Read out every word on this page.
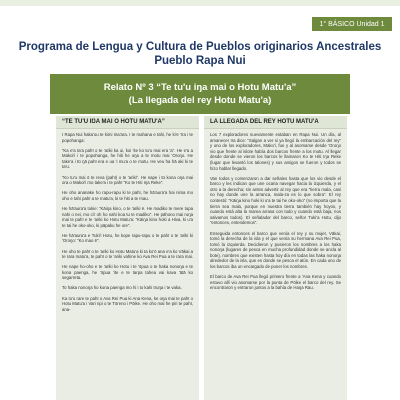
1° BÁSICO Unidad 1
Programa de Lengua y Cultura de Pueblos originarios Ancestrales
Pueblo Rapa Nui
Relato Nº 3 “Te tu'u iŋa mai o Hotu Matu'a”
(La llegada del rey Hotu Matu'a)
“TE TU'U IŊA MAI O HOTU MATU'A”

I Rapa Nui haka'ou te kimi ma'ara. I te mahana e tahi, he ki'e 'Ira i te popohanga:

“Ka e'a ta'a pahī o te 'ariki ka ui, koi 'ite ko tu'u mai era 'a”. He e'a a Makoi'i i te popohanga, he hiti he oŋa a te motu mai 'Oroŋo. He take'a i tū ŋā pahī era e ua 'i mu'a o te motu. He veu ha hā aki ki te ta'u.

“Ko tu'u mai ō te reva (pahī) o te 'ariki”. He nape i tū kona oŋa mai ora o Makoi'i mo take'a i te pahī “Ko te Hiti Iŋa Reke”.

He oho ananake ho rapu-rapu ki te pahī, he hā'aura'a hai nima mo oho e tahi pahī a te matu'a, ki te hiti a te mau.

He hā'aura'a tokie: “Kāiŋa kino, o te 'ariki ē. He madiko te mere tupa nahi o nei, mo ci'i oh ho nahi koa tu te madiko”. He pāhono mai ruŋa mai te pahī e te 'ariki ko Hotu Matu'a: “Kāiŋa kino hoki a Hiva, ki u'a te tai he oko-oko, ki pāpaku he ore”.

He hā'aura'a e Tuki'i Hotu, he kope rapu-rapu o te pahī o te 'ariki ki 'Oroŋo: “Ko mao ē”.

He oho te pahī o te 'ariki ko Hotu Matu'a ki ta ko'ō ana e'a ko Vākai a te rara matu'a, te pahī o te 'ariki vahine ko Ava Rei Pua a te rara mai.

He nape ho-oho e te 'ariki ko Hotu i te 'ōpua o te haka nonoŋa e te kona paenga, he 'ōpua 'ite e te tarpa tahea vai kava 'ātā ko segarreta.

To haka nonoŋa ho kona paenga mo hi i to kahi truŋa i te vaka.

Ka to'u rare te pahī o Ava Rei Pua ki Ana Kena, ke oŋa mai te pahī o Hotu Matu'a i Vari npi o te Tōreno i Pōike. He oho mai he piri te pahī, ana-

LA LLEGADA DEL REY HOTU MATU'A

Los 7 exploradores nuevamente estaban en Rapa Nui. Un día, al amanecer Ira dice: “Salgan a ver si ya llegó la embarcación del rey” y uno de los exploradores, Mako'i, fue y al asomarse desde 'Oroŋo vio que frente al islote había dos barcos frente a los motu. Al llegar desde donde se vieron los barcos le llamaron Ko te Hiti Iŋa Reke (lugar que levantó los talones) y sus amigos se fueron y todos se hizo hablar llegado.

Van todos y comenzaron a dar señales hasta que los vio desde el barco y les indican que une ocaria navegar hacia la izquierda, y el otro a la derecha; sin antes advertir al rey que era “tierra mala, casi no hay donde une la arranca, mala-za es lo que sobra”. El rey contestó: “Kāiŋa kino hoki ki u'a te tai he oko-oko” (no importa que la tierra sea mala, porque en nuestra tierra también hay hoyos, y cuando está alta la marea arrasa con todo y cuando está baja, nos salvamos todos). El señalador del barco, señor Tuki'a Hotu, dijo “entonces, entendemos”.

Enseguida entonces el barco que venía el rey y su mujer, Vākai, tomó la derecha de la isla y el que venía su hermana Ava Rei Pua, tomó la izquierda. Decidieron y pusieron los nombres a los haka nonoŋa (lugares de pesca en mucha profundidad donde se ancla al bote), nombres que existen hasta hoy día en todas las haka nonoŋa alrededor de la isla, que es donde se pesca el atún. En cada uno de los barcos iba un encargado de poner los nombres.

El barco de Ava Rei Pua llegó primero frente a 'Ana Kena y cuando estuvo allí vio asomarse por la punta de Pōike el barco del rey. Se encontraron y entraron juntos a la bahía de Haŋa Rau.
